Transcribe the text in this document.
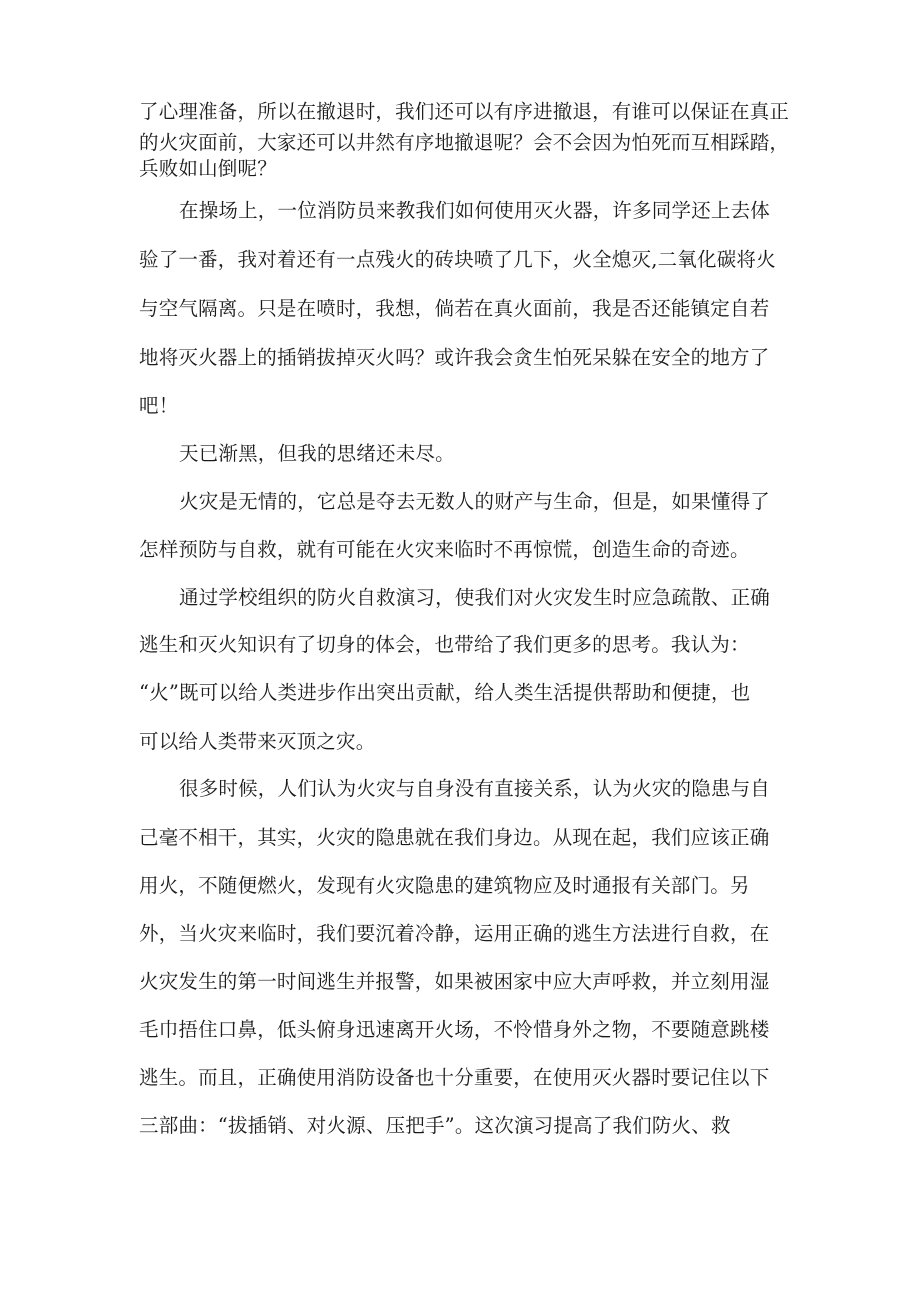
了心理准备，所以在撤退时，我们还可以有序进撤退，有谁可以保证在真正
的火灾面前，大家还可以井然有序地撤退呢？会不会因为怕死而互相踩踏，
兵败如山倒呢？
在操场上，一位消防员来教我们如何使用灭火器，许多同学还上去体
验了一番，我对着还有一点残火的砖块喷了几下，火全熄灭,二氧化碳将火
与空气隔离。只是在喷时，我想，倘若在真火面前，我是否还能镇定自若
地将灭火器上的插销拔掉灭火吗？或许我会贪生怕死呆躲在安全的地方了
吧！
天已渐黑，但我的思绪还未尽。
火灾是无情的，它总是夺去无数人的财产与生命，但是，如果懂得了
怎样预防与自救，就有可能在火灾来临时不再惊慌，创造生命的奇迹。
通过学校组织的防火自救演习，使我们对火灾发生时应急疏散、正确
逃生和灭火知识有了切身的体会，也带给了我们更多的思考。我认为：
“火”既可以给人类进步作出突出贡献，给人类生活提供帮助和便捷，也
可以给人类带来灭顶之灾。
很多时候，人们认为火灾与自身没有直接关系，认为火灾的隐患与自
己毫不相干，其实，火灾的隐患就在我们身边。从现在起，我们应该正确
用火，不随便燃火，发现有火灾隐患的建筑物应及时通报有关部门。另
外，当火灾来临时，我们要沉着冷静，运用正确的逃生方法进行自救，在
火灾发生的第一时间逃生并报警，如果被困家中应大声呼救，并立刻用湿
毛巾捂住口鼻，低头俯身迅速离开火场，不怜惜身外之物，不要随意跳楼
逃生。而且，正确使用消防设备也十分重要，在使用灭火器时要记住以下
三部曲：“拔插销、对火源、压把手”。这次演习提高了我们防火、救
